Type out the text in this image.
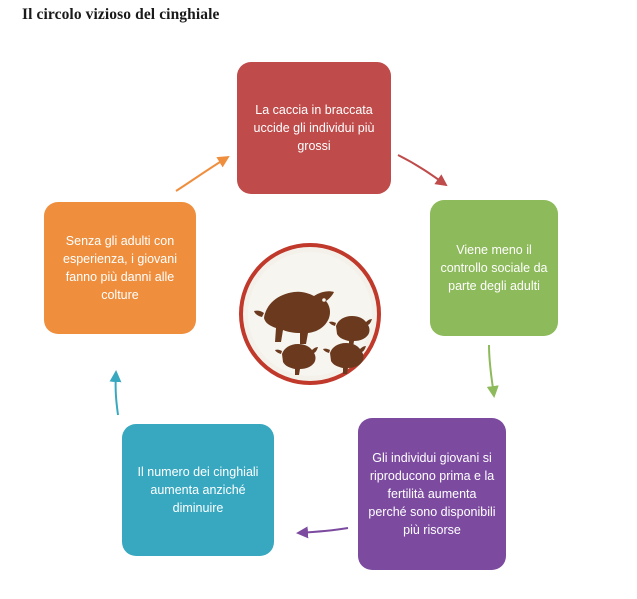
Il circolo vizioso del cinghiale
La caccia in braccata uccide gli individui più grossi
Viene meno il controllo sociale da parte degli adulti
Gli individui giovani si riproducono prima e la fertilità aumenta perché sono disponibili più risorse
Il numero dei cinghiali aumenta anziché diminuire
Senza gli adulti con esperienza, i giovani fanno più danni alle colture
